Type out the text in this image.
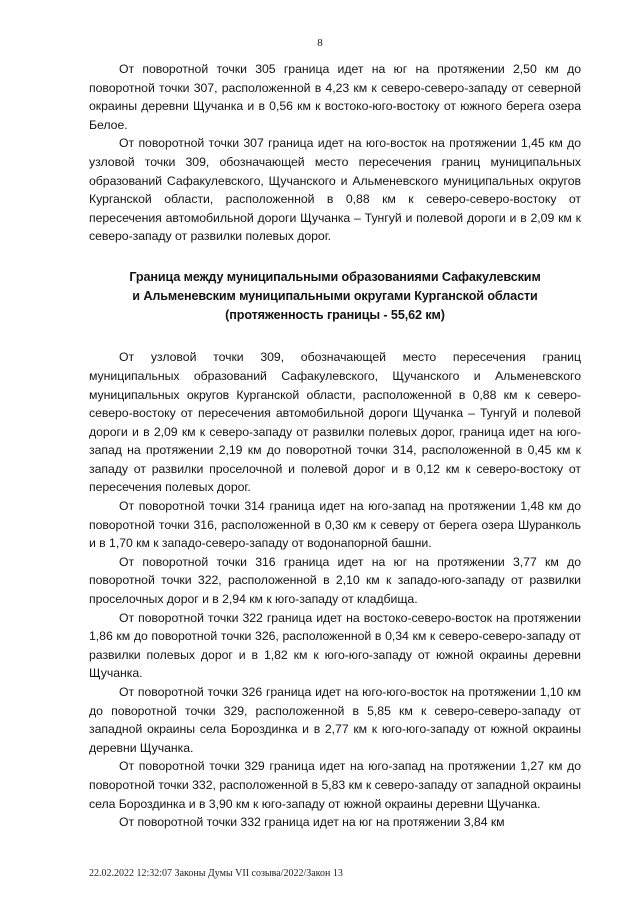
8

От поворотной точки 305 граница идет на юг на протяжении 2,50 км до поворотной точки 307, расположенной в 4,23 км к северо-северо-западу от северной окраины деревни Щучанка и в 0,56 км к востоко-юго-востоку от южного берега озера Белое.

От поворотной точки 307 граница идет на юго-восток на протяжении 1,45 км до узловой точки 309, обозначающей место пересечения границ муниципальных образований Сафакулевского, Щучанского и Альменевского муниципальных округов Курганской области, расположенной в 0,88 км к северо-северо-востоку от пересечения автомобильной дороги Щучанка – Тунгуй и полевой дороги и в 2,09 км к северо-западу от развилки полевых дорог.

Граница между муниципальными образованиями Сафакулевским
и Альменевским муниципальными округами Курганской области
(протяженность границы - 55,62 км)

От узловой точки 309, обозначающей место пересечения границ муниципальных образований Сафакулевского, Щучанского и Альменевского муниципальных округов Курганской области, расположенной в 0,88 км к северо-северо-востоку от пересечения автомобильной дороги Щучанка – Тунгуй и полевой дороги и в 2,09 км к северо-западу от развилки полевых дорог, граница идет на юго-запад на протяжении 2,19 км до поворотной точки 314, расположенной в 0,45 км к западу от развилки проселочной и полевой дорог и в 0,12 км к северо-востоку от пересечения полевых дорог.

От поворотной точки 314 граница идет на юго-запад на протяжении 1,48 км до поворотной точки 316, расположенной в 0,30 км к северу от берега озера Шуранколь и в 1,70 км к западо-северо-западу от водонапорной башни.

От поворотной точки 316 граница идет на юг на протяжении 3,77 км до поворотной точки 322, расположенной в 2,10 км к западо-юго-западу от развилки проселочных дорог и в 2,94 км к юго-западу от кладбища.

От поворотной точки 322 граница идет на востоко-северо-восток на протяжении 1,86 км до поворотной точки 326, расположенной в 0,34 км к северо-северо-западу от развилки полевых дорог и в 1,82 км к юго-юго-западу от южной окраины деревни Щучанка.

От поворотной точки 326 граница идет на юго-юго-восток на протяжении 1,10 км до поворотной точки 329, расположенной в 5,85 км к северо-северо-западу от западной окраины села Бороздинка и в 2,77 км к юго-юго-западу от южной окраины деревни Щучанка.

От поворотной точки 329 граница идет на юго-запад на протяжении 1,27 км до поворотной точки 332, расположенной в 5,83 км к северо-западу от западной окраины села Бороздинка и в 3,90 км к юго-западу от южной окраины деревни Щучанка.

От поворотной точки 332 граница идет на юг на протяжении 3,84 км

22.02.2022 12:32:07 Законы Думы VII созыва/2022/Закон 13
